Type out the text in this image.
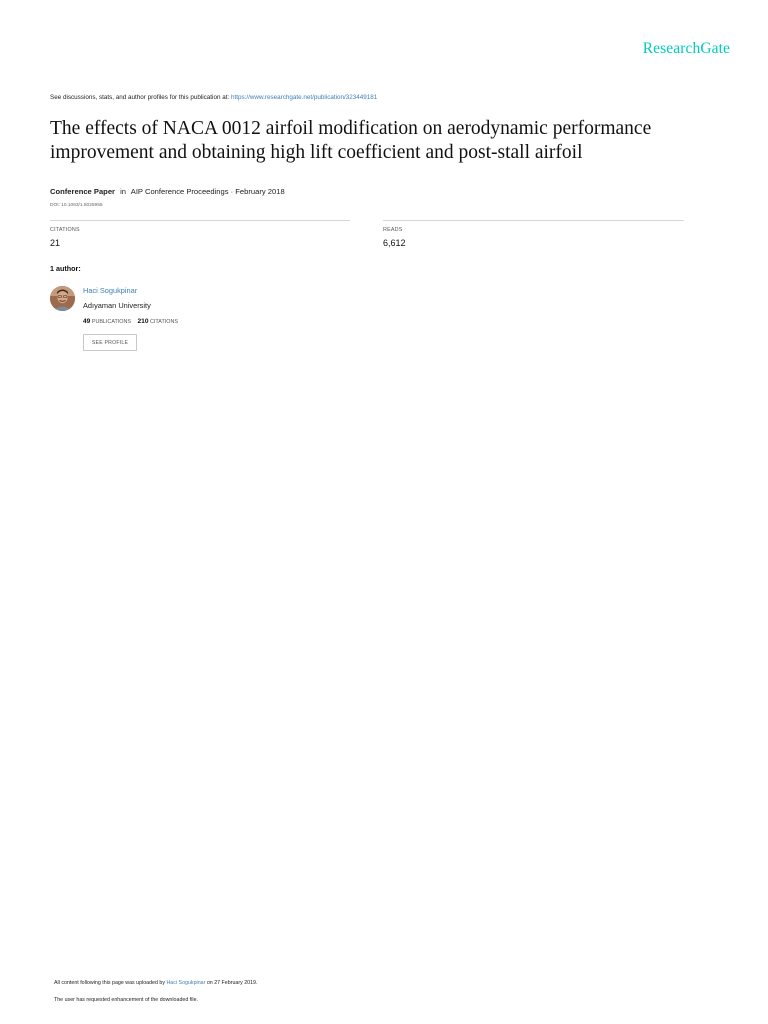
ResearchGate
See discussions, stats, and author profiles for this publication at: https://www.researchgate.net/publication/323449181
The effects of NACA 0012 airfoil modification on aerodynamic performance improvement and obtaining high lift coefficient and post-stall airfoil
Conference Paper in AIP Conference Proceedings · February 2018
DOI: 10.1063/1.5025955
CITATIONS
21
READS
6,612
1 author:
Haci Sogukpinar
Adıyaman University
49 PUBLICATIONS 210 CITATIONS
SEE PROFILE
All content following this page was uploaded by Haci Sogukpinar on 27 February 2019.
The user has requested enhancement of the downloaded file.
